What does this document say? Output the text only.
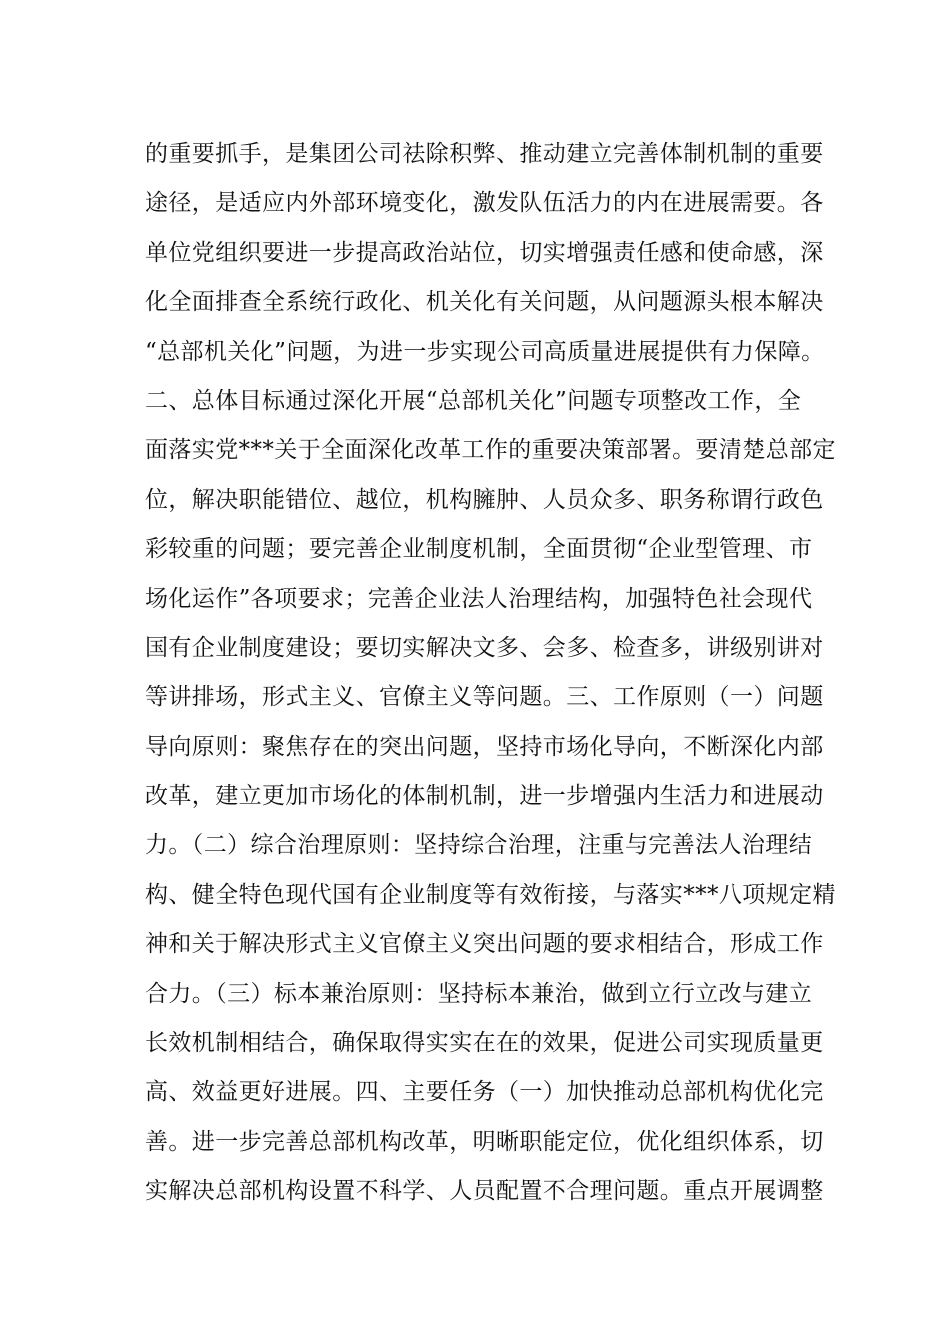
的重要抓手，是集团公司祛除积弊、推动建立完善体制机制的重要
途径，是适应内外部环境变化，激发队伍活力的内在进展需要。各
单位党组织要进一步提高政治站位，切实增强责任感和使命感，深
化全面排查全系统行政化、机关化有关问题，从问题源头根本解决
“总部机关化”问题，为进一步实现公司高质量进展提供有力保障。
二、总体目标通过深化开展“总部机关化”问题专项整改工作，全
面落实党***关于全面深化改革工作的重要决策部署。要清楚总部定
位，解决职能错位、越位，机构臃肿、人员众多、职务称谓行政色
彩较重的问题；要完善企业制度机制，全面贯彻“企业型管理、市
场化运作”各项要求；完善企业法人治理结构，加强特色社会现代
国有企业制度建设；要切实解决文多、会多、检查多，讲级别讲对
等讲排场，形式主义、官僚主义等问题。三、工作原则（一）问题
导向原则：聚焦存在的突出问题，坚持市场化导向，不断深化内部
改革，建立更加市场化的体制机制，进一步增强内生活力和进展动
力。（二）综合治理原则：坚持综合治理，注重与完善法人治理结
构、健全特色现代国有企业制度等有效衔接，与落实***八项规定精
神和关于解决形式主义官僚主义突出问题的要求相结合，形成工作
合力。（三）标本兼治原则：坚持标本兼治，做到立行立改与建立
长效机制相结合，确保取得实实在在的效果，促进公司实现质量更
高、效益更好进展。四、主要任务（一）加快推动总部机构优化完
善。进一步完善总部机构改革，明晰职能定位，优化组织体系，切
实解决总部机构设置不科学、人员配置不合理问题。重点开展调整
